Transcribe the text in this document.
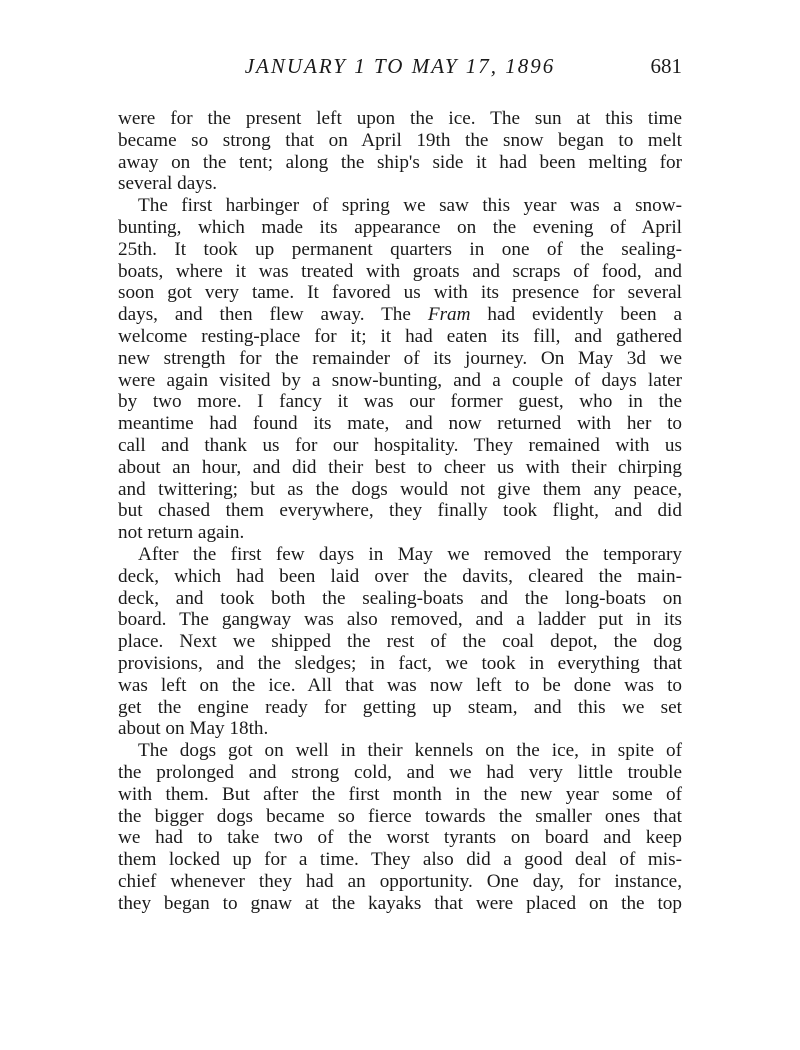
JANUARY 1 TO MAY 17, 1896	681
were for the present left upon the ice. The sun at this time
became so strong that on April 19th the snow began to melt
away on the tent; along the ship's side it had been melting for
several days.
The first harbinger of spring we saw this year was a snow-
bunting, which made its appearance on the evening of April
25th. It took up permanent quarters in one of the sealing-
boats, where it was treated with groats and scraps of food, and
soon got very tame. It favored us with its presence for several
days, and then flew away. The Fram had evidently been a
welcome resting-place for it; it had eaten its fill, and gathered
new strength for the remainder of its journey. On May 3d we
were again visited by a snow-bunting, and a couple of days later
by two more. I fancy it was our former guest, who in the
meantime had found its mate, and now returned with her to
call and thank us for our hospitality. They remained with us
about an hour, and did their best to cheer us with their chirping
and twittering; but as the dogs would not give them any peace,
but chased them everywhere, they finally took flight, and did
not return again.
After the first few days in May we removed the temporary
deck, which had been laid over the davits, cleared the main-
deck, and took both the sealing-boats and the long-boats on
board. The gangway was also removed, and a ladder put in its
place. Next we shipped the rest of the coal depot, the dog
provisions, and the sledges; in fact, we took in everything that
was left on the ice. All that was now left to be done was to
get the engine ready for getting up steam, and this we set
about on May 18th.
The dogs got on well in their kennels on the ice, in spite of
the prolonged and strong cold, and we had very little trouble
with them. But after the first month in the new year some of
the bigger dogs became so fierce towards the smaller ones that
we had to take two of the worst tyrants on board and keep
them locked up for a time. They also did a good deal of mis-
chief whenever they had an opportunity. One day, for instance,
they began to gnaw at the kayaks that were placed on the top
